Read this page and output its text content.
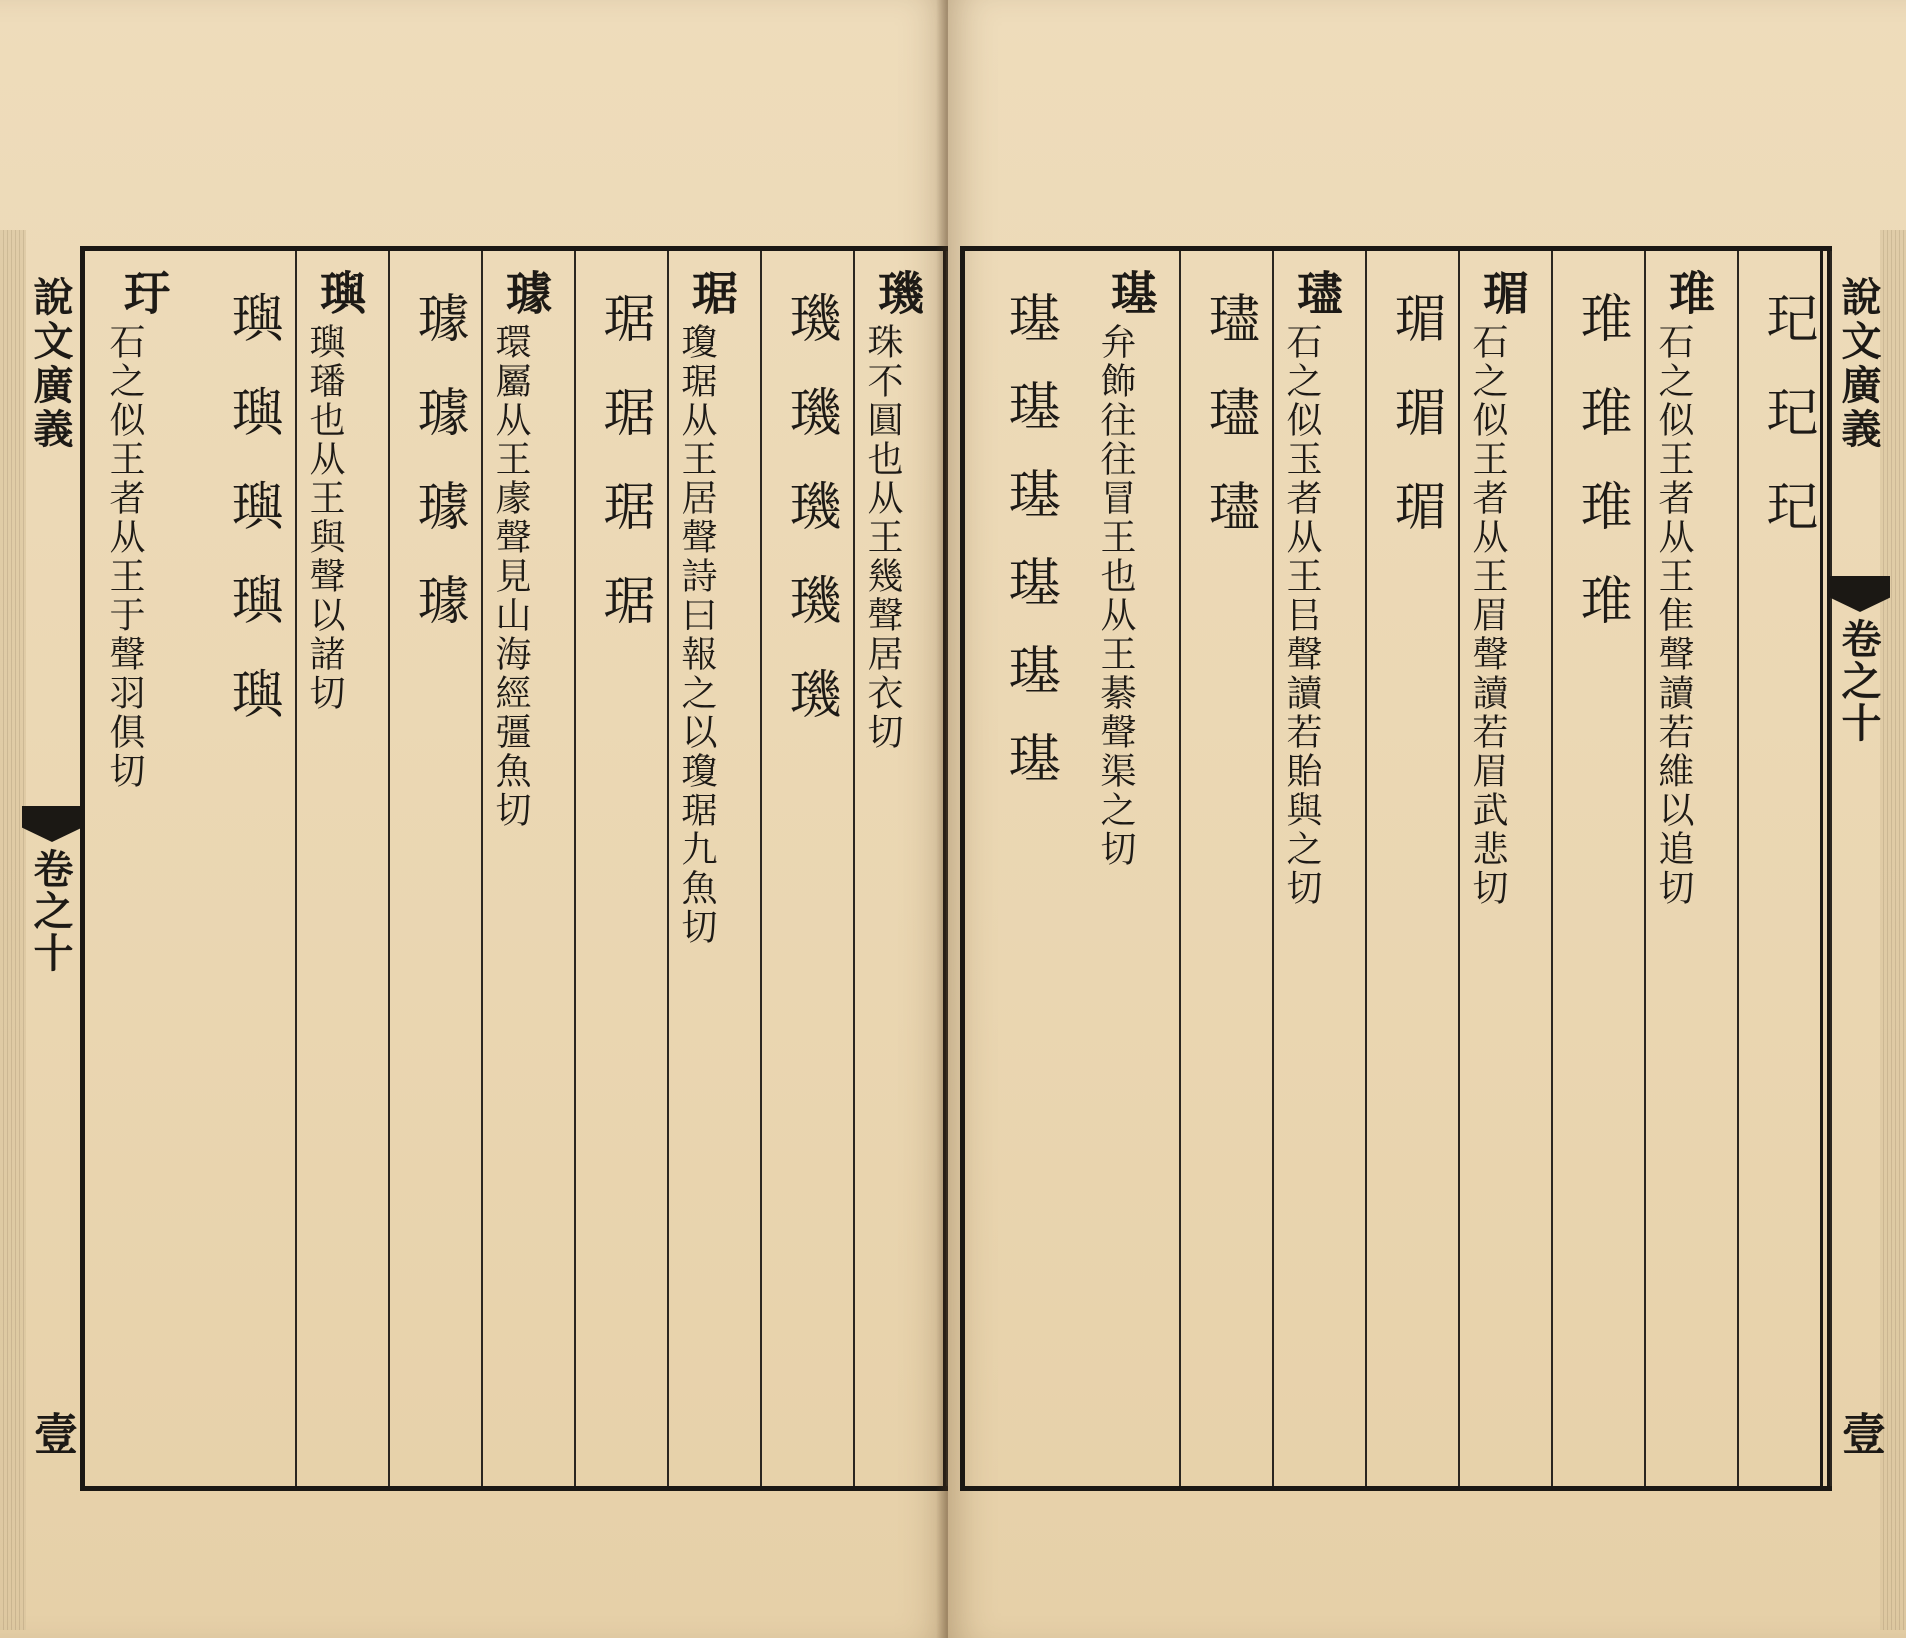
說文廣義
卷之十
壹
璣
珠不圓也从王幾聲居衣切
璣璣璣璣璣
琚
瓊琚从王居聲詩曰報之以瓊琚九魚切
琚琚琚琚
璩
環屬从王豦聲見山海經彊魚切
璩璩璩璩
璵
璵璠也从王與聲以諸切
璵璵璵璵璵
玗
石之似王者从王于聲羽俱切	玘玘玘
琟
石之似王者从王隹聲讀若維以追切
琟琟琟琟
瑂
石之似王者从王眉聲讀若眉武悲切
瑂瑂瑂
璶
石之似玉者从王㠯聲讀若貽與之切
璶璶璶
璂
弁飾往往冒王也从王綦聲渠之切
璂璂璂璂璂璂	說文廣義
卷之十
壹
